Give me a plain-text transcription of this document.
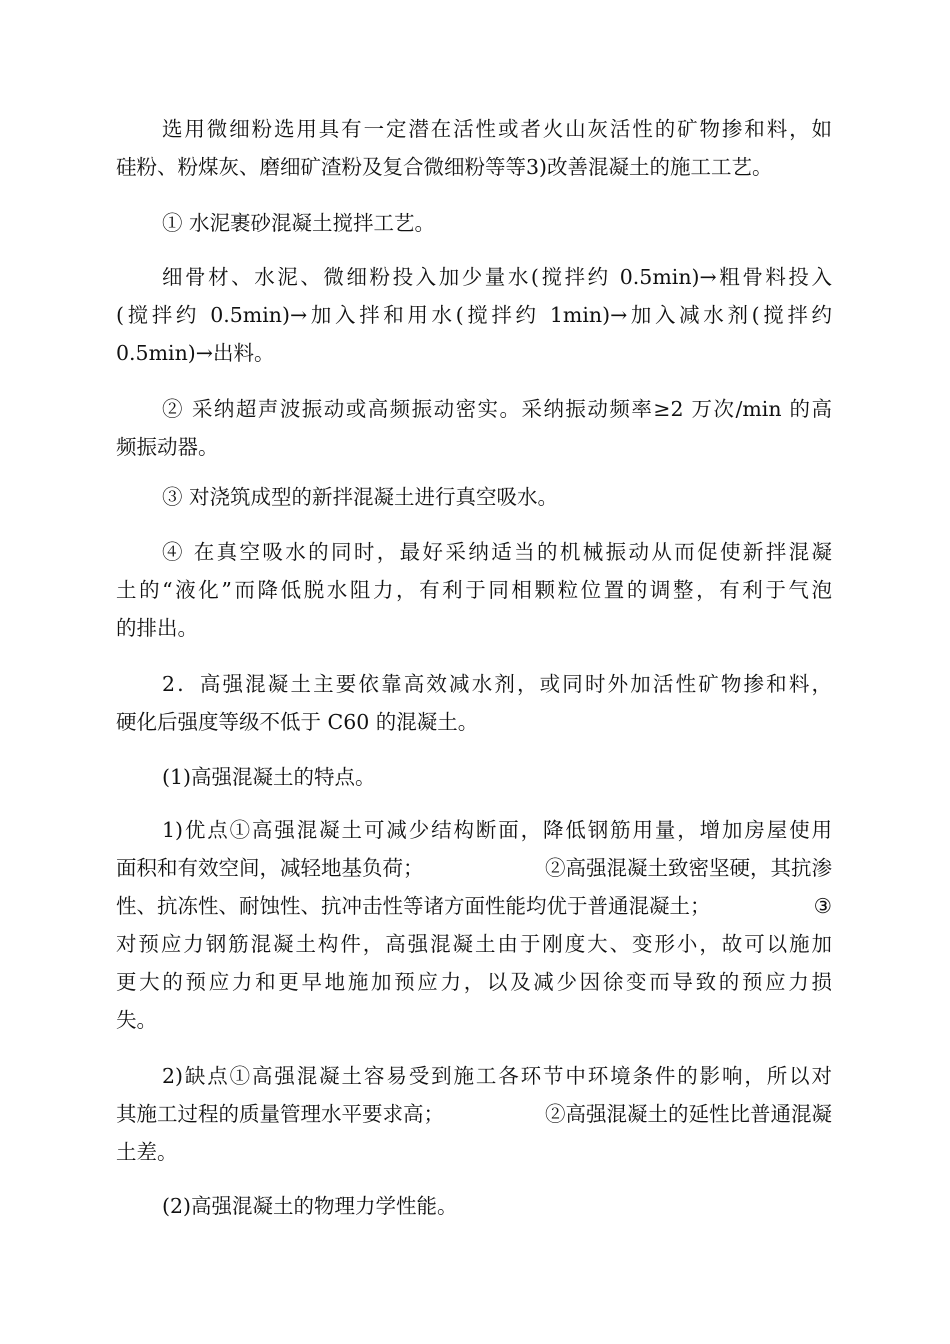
选用微细粉选用具有一定潜在活性或者火山灰活性的矿物掺和料，如
硅粉、粉煤灰、磨细矿渣粉及复合微细粉等等3)改善混凝土的施工工艺。
① 水泥裹砂混凝土搅拌工艺。
细骨材、水泥、微细粉投入加少量水(搅拌约 0.5min)→粗骨料投入
(搅拌约 0.5min)→加入拌和用水(搅拌约 1min)→加入减水剂(搅拌约
0.5min)→出料。
② 采纳超声波振动或高频振动密实。采纳振动频率≥2 万次/min 的高
频振动器。
③ 对浇筑成型的新拌混凝土进行真空吸水。
④ 在真空吸水的同时，最好采纳适当的机械振动从而促使新拌混凝
土的“液化”而降低脱水阻力，有利于同相颗粒位置的调整，有利于气泡
的排出。
2．高强混凝土主要依靠高效减水剂，或同时外加活性矿物掺和料，
硬化后强度等级不低于 C60 的混凝土。
(1)高强混凝土的特点。
1)优点①高强混凝土可减少结构断面，降低钢筋用量，增加房屋使用
面积和有效空间，减轻地基负荷；	②高强混凝土致密坚硬，其抗渗
性、抗冻性、耐蚀性、抗冲击性等诸方面性能均优于普通混凝土；	③
对预应力钢筋混凝土构件，高强混凝土由于刚度大、变形小，故可以施加
更大的预应力和更早地施加预应力，以及减少因徐变而导致的预应力损
失。
2)缺点①高强混凝土容易受到施工各环节中环境条件的影响，所以对
其施工过程的质量管理水平要求高；	②高强混凝土的延性比普通混凝
土差。
(2)高强混凝土的物理力学性能。
